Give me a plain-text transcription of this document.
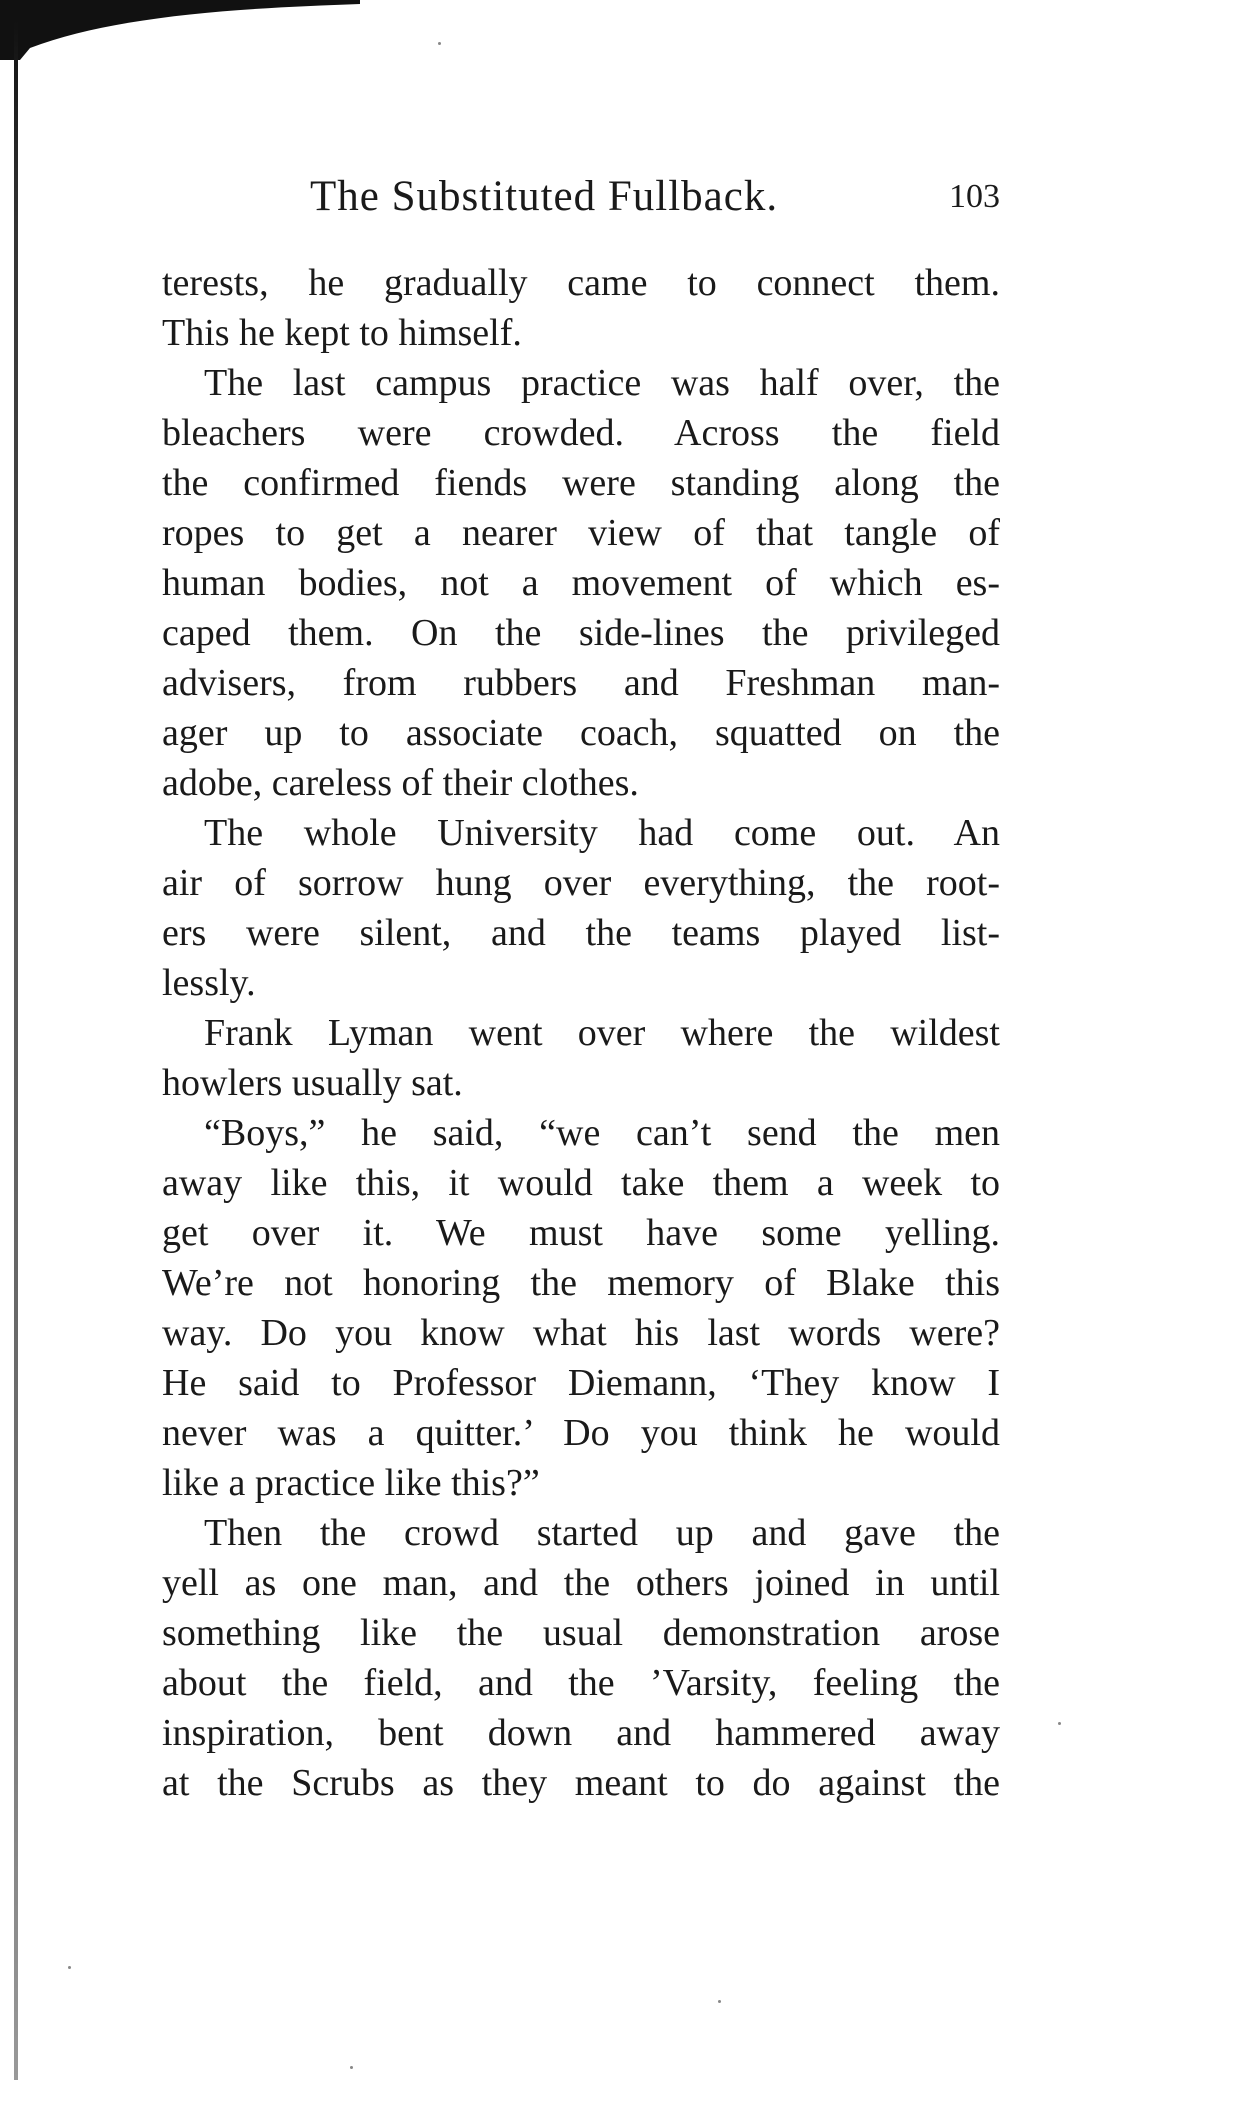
The Substituted Fullback.	103
terests, he gradually came to connect them.
This he kept to himself.
The last campus practice was half over, the
bleachers were crowded. Across the field
the confirmed fiends were standing along the
ropes to get a nearer view of that tangle of
human bodies, not a movement of which es-
caped them. On the side-lines the privileged
advisers, from rubbers and Freshman man-
ager up to associate coach, squatted on the
adobe, careless of their clothes.
The whole University had come out. An
air of sorrow hung over everything, the root-
ers were silent, and the teams played list-
lessly.
Frank Lyman went over where the wildest
howlers usually sat.
“Boys,” he said, “we can’t send the men
away like this, it would take them a week to
get over it. We must have some yelling.
We’re not honoring the memory of Blake this
way. Do you know what his last words were?
He said to Professor Diemann, ‘They know I
never was a quitter.’ Do you think he would
like a practice like this?”
Then the crowd started up and gave the
yell as one man, and the others joined in until
something like the usual demonstration arose
about the field, and the ’Varsity, feeling the
inspiration, bent down and hammered away
at the Scrubs as they meant to do against the
